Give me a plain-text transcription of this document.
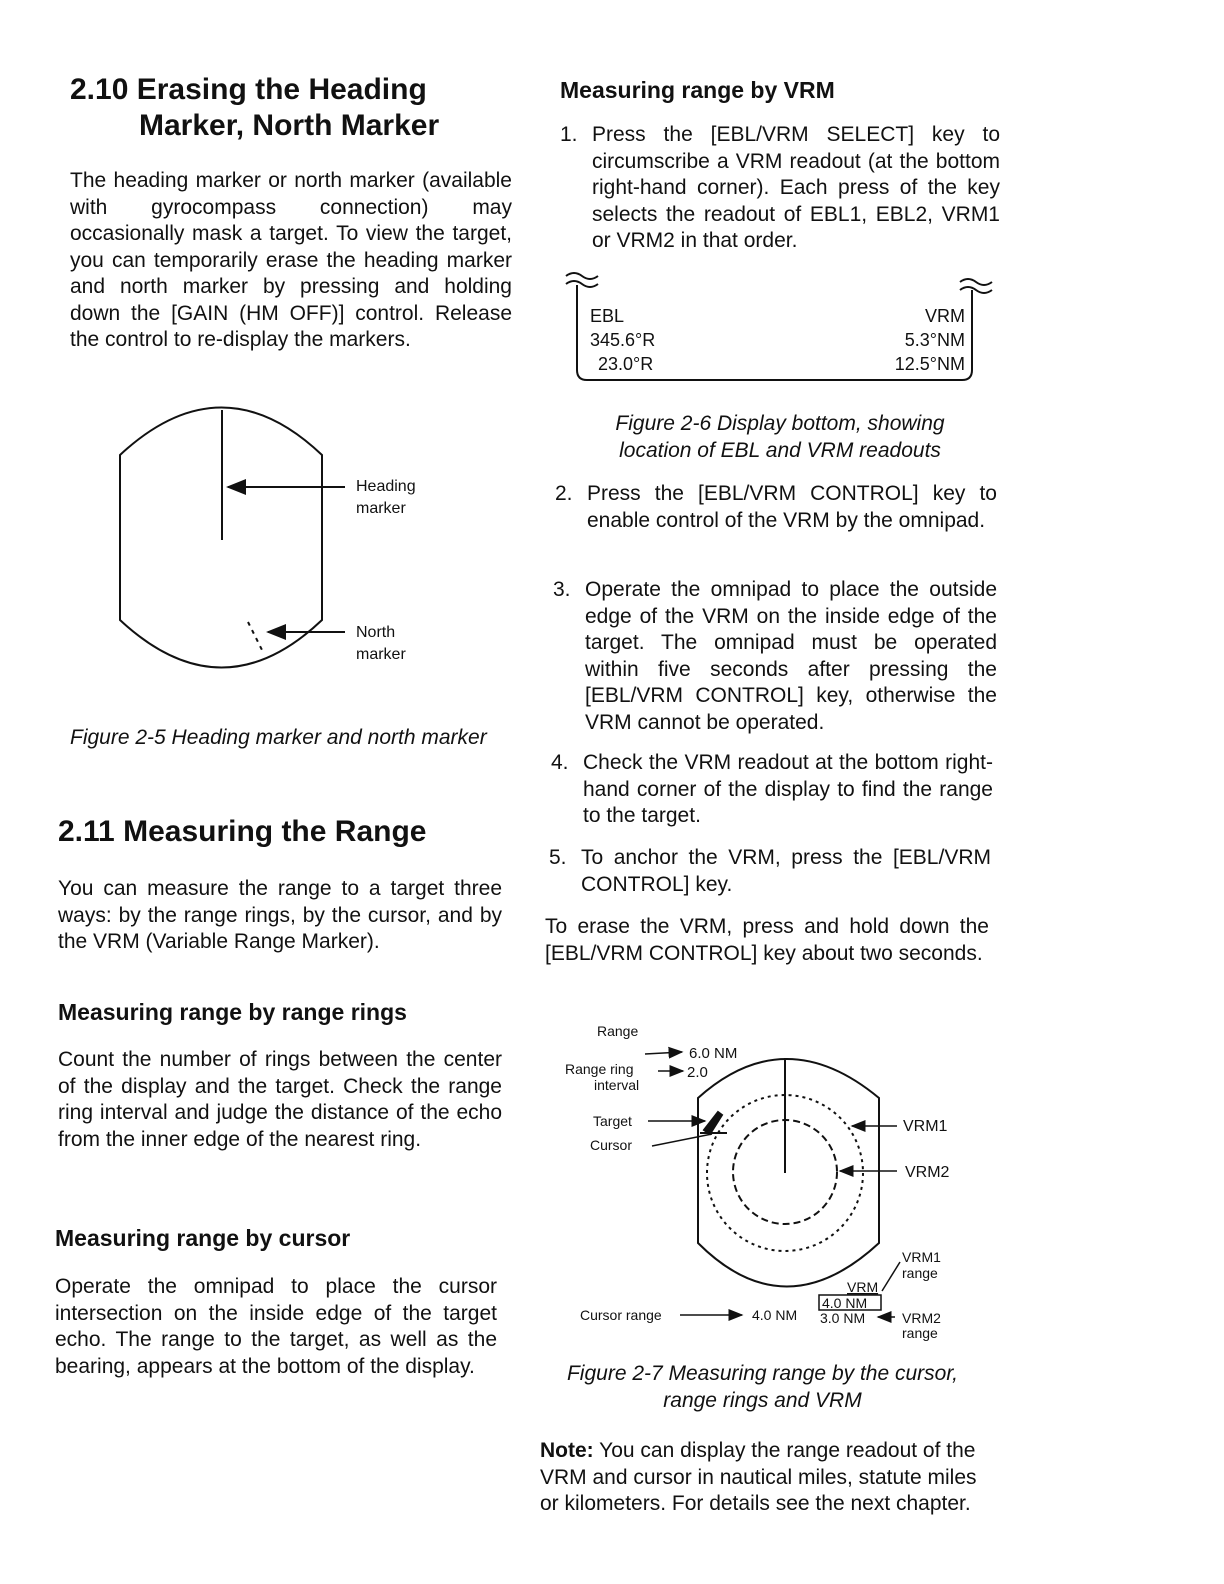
2.10 Erasing the Heading
Marker, North Marker

The heading marker or north marker (available with gyrocompass connection) may occasionally mask a target. To view the target, you can temporarily erase the heading marker and north marker by pressing and holding down the [GAIN (HM OFF)] control. Release the control to re-display the markers.

Figure 2-5 Heading marker and north marker

2.11 Measuring the Range

You can measure the range to a target three ways: by the range rings, by the cursor, and by the VRM (Variable Range Marker).

Measuring range by range rings

Count the number of rings between the center of the display and the target. Check the range ring interval and judge the distance of the echo from the inner edge of the nearest ring.

Measuring range by cursor

Operate the omnipad to place the cursor intersection on the inside edge of the target echo. The range to the target, as well as the bearing, appears at the bottom of the display.

Measuring range by VRM
1. Press the [EBL/VRM SELECT] key to circumscribe a VRM readout (at the bottom right-hand corner). Each press of the key selects the readout of EBL1, EBL2, VRM1 or VRM2 in that order.
Figure 2-6 Display bottom, showing
location of EBL and VRM readouts
2. Press the [EBL/VRM CONTROL] key to enable control of the VRM by the omnipad.
3. Operate the omnipad to place the outside edge of the VRM on the inside edge of the target. The omnipad must be operated within five seconds after pressing the [EBL/VRM CONTROL] key, otherwise the VRM cannot be operated.
4. Check the VRM readout at the bottom right-hand corner of the display to find the range to the target.
5. To anchor the VRM, press the [EBL/VRM CONTROL] key.

To erase the VRM, press and hold down the [EBL/VRM CONTROL] key about two seconds.

Figure 2-7 Measuring range by the cursor,
range rings and VRM

Note: You can display the range readout of the VRM and cursor in nautical miles, statute miles or kilometers. For details see the next chapter.

Heading
marker
North
marker
EBL
345.6°R
23.0°R
VRM
5.3°NM
12.5°NM
Range
6.0 NM
Range ring
interval
2.0
Target
Cursor
VRM1
VRM2
VRM1
range
VRM
4.0 NM
3.0 NM	VRM2
range
Cursor range	4.0 NM
